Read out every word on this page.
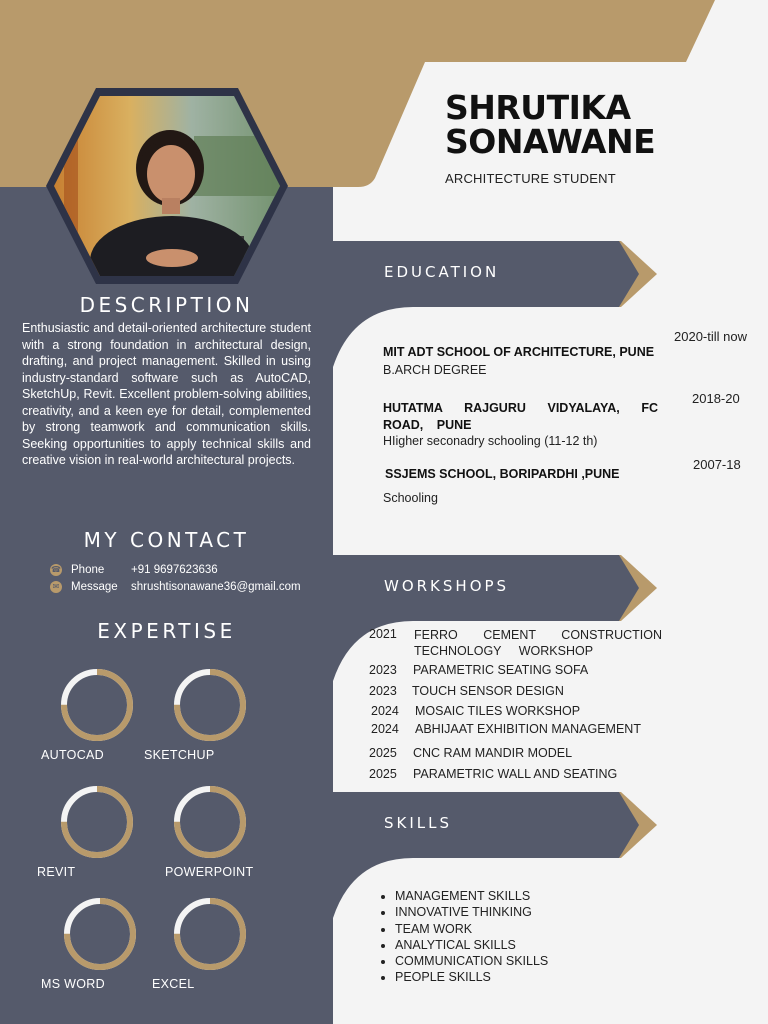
SHRUTIKA
SONAWANE
ARCHITECTURE STUDENT
DESCRIPTION
Enthusiastic and detail-oriented architecture student with a strong foundation in architectural design, drafting, and project management. Skilled in using industry-standard software such as AutoCAD, SketchUp, Revit. Excellent problem-solving abilities, creativity, and a keen eye for detail, complemented by strong teamwork and communication skills. Seeking opportunities to apply technical skills and creative vision in real-world architectural projects.
MY CONTACT
☎ Phone	+91 9697623636
✉ Message	shrushtisonawane36@gmail.com
EXPERTISE
AUTOCAD	SKETCHUP
REVIT	POWERPOINT
MS WORD	EXCEL
EDUCATION
WORKSHOPS
SKILLS
2020-till now
MIT ADT SCHOOL OF ARCHITECTURE, PUNE
B.ARCH DEGREE
2018-20
HUTATMA RAJGURU VIDYALAYA, FC ROAD, PUNE
HIigher seconadry schooling (11-12 th)
2007-18
SSJEMS SCHOOL, BORIPARDHI ,PUNE
Schooling
2021 FERRO CEMENT CONSTRUCTION TECHNOLOGY WORKSHOP
2023 PARAMETRIC SEATING SOFA
2023 TOUCH SENSOR DESIGN
2024 MOSAIC TILES WORKSHOP
2024 ABHIJAAT EXHIBITION MANAGEMENT
2025 CNC RAM MANDIR MODEL
2025 PARAMETRIC WALL AND SEATING
• MANAGEMENT SKILLS
• INNOVATIVE THINKING
• TEAM WORK
• ANALYTICAL SKILLS
• COMMUNICATION SKILLS
• PEOPLE SKILLS
